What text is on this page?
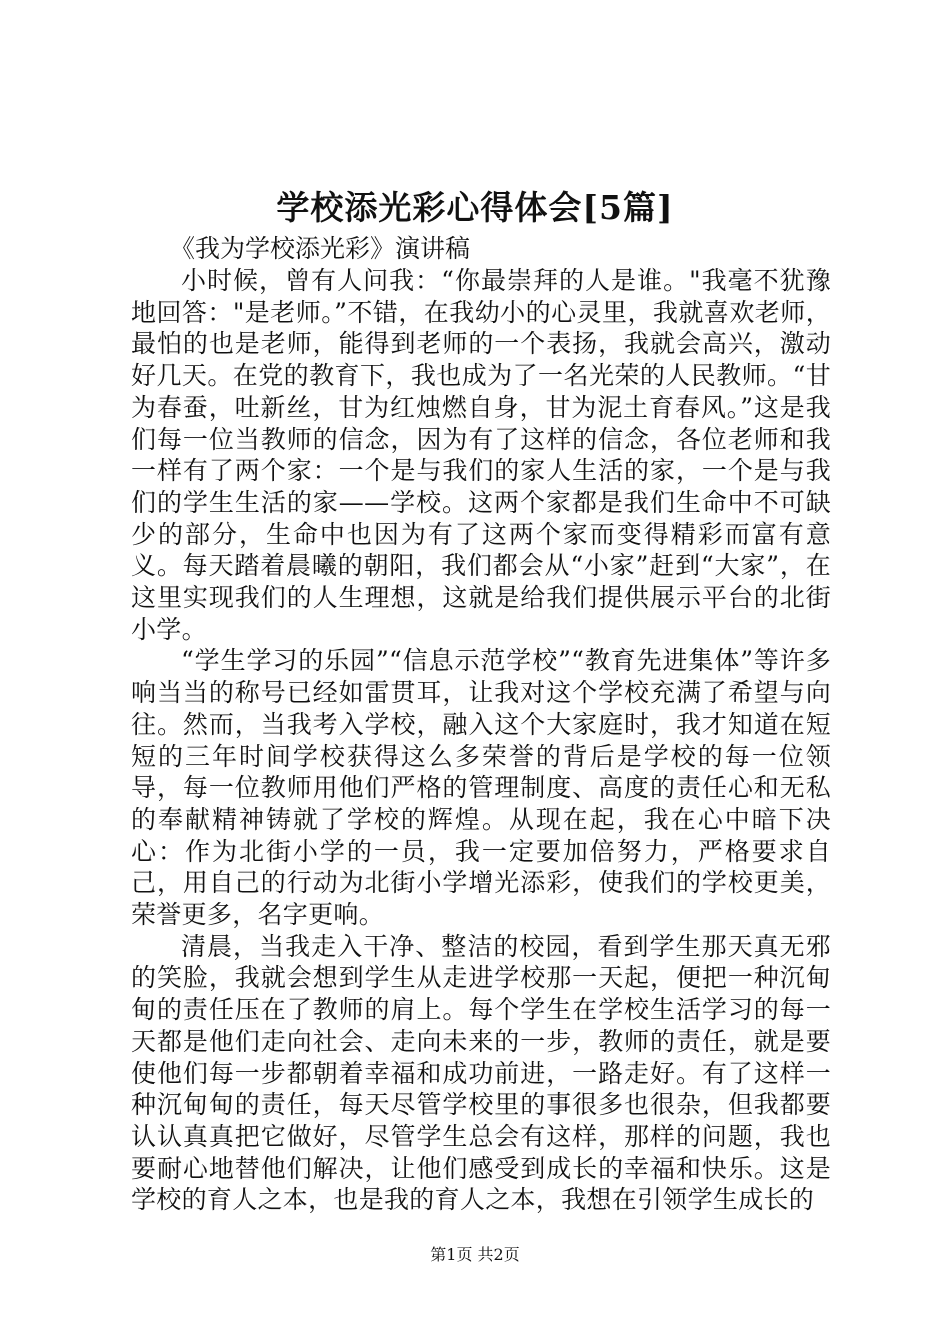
学校添光彩心得体会[5篇]

《我为学校添光彩》演讲稿

小时候，曾有人问我：“你最崇拜的人是谁。"我毫不犹豫地回答："是老师。”不错，在我幼小的心灵里，我就喜欢老师，最怕的也是老师，能得到老师的一个表扬，我就会高兴，激动好几天。在党的教育下，我也成为了一名光荣的人民教师。“甘为春蚕，吐新丝，甘为红烛燃自身，甘为泥土育春风。”这是我们每一位当教师的信念，因为有了这样的信念，各位老师和我一样有了两个家：一个是与我们的家人生活的家，一个是与我们的学生生活的家——学校。这两个家都是我们生命中不可缺少的部分，生命中也因为有了这两个家而变得精彩而富有意义。每天踏着晨曦的朝阳，我们都会从“小家”赶到“大家”，在这里实现我们的人生理想，这就是给我们提供展示平台的北街小学。

“学生学习的乐园”“信息示范学校”“教育先进集体”等许多响当当的称号已经如雷贯耳，让我对这个学校充满了希望与向往。然而，当我考入学校，融入这个大家庭时，我才知道在短短的三年时间学校获得这么多荣誉的背后是学校的每一位领导，每一位教师用他们严格的管理制度、高度的责任心和无私的奉献精神铸就了学校的辉煌。从现在起，我在心中暗下决心：作为北街小学的一员，我一定要加倍努力，严格要求自己，用自己的行动为北街小学增光添彩，使我们的学校更美，荣誉更多，名字更响。

清晨，当我走入干净、整洁的校园，看到学生那天真无邪的笑脸，我就会想到学生从走进学校那一天起，便把一种沉甸甸的责任压在了教师的肩上。每个学生在学校生活学习的每一天都是他们走向社会、走向未来的一步，教师的责任，就是要使他们每一步都朝着幸福和成功前进，一路走好。有了这样一种沉甸甸的责任，每天尽管学校里的事很多也很杂，但我都要认认真真把它做好，尽管学生总会有这样，那样的问题，我也要耐心地替他们解决，让他们感受到成长的幸福和快乐。这是学校的育人之本，也是我的育人之本，我想在引领学生成长的

第1页 共2页
